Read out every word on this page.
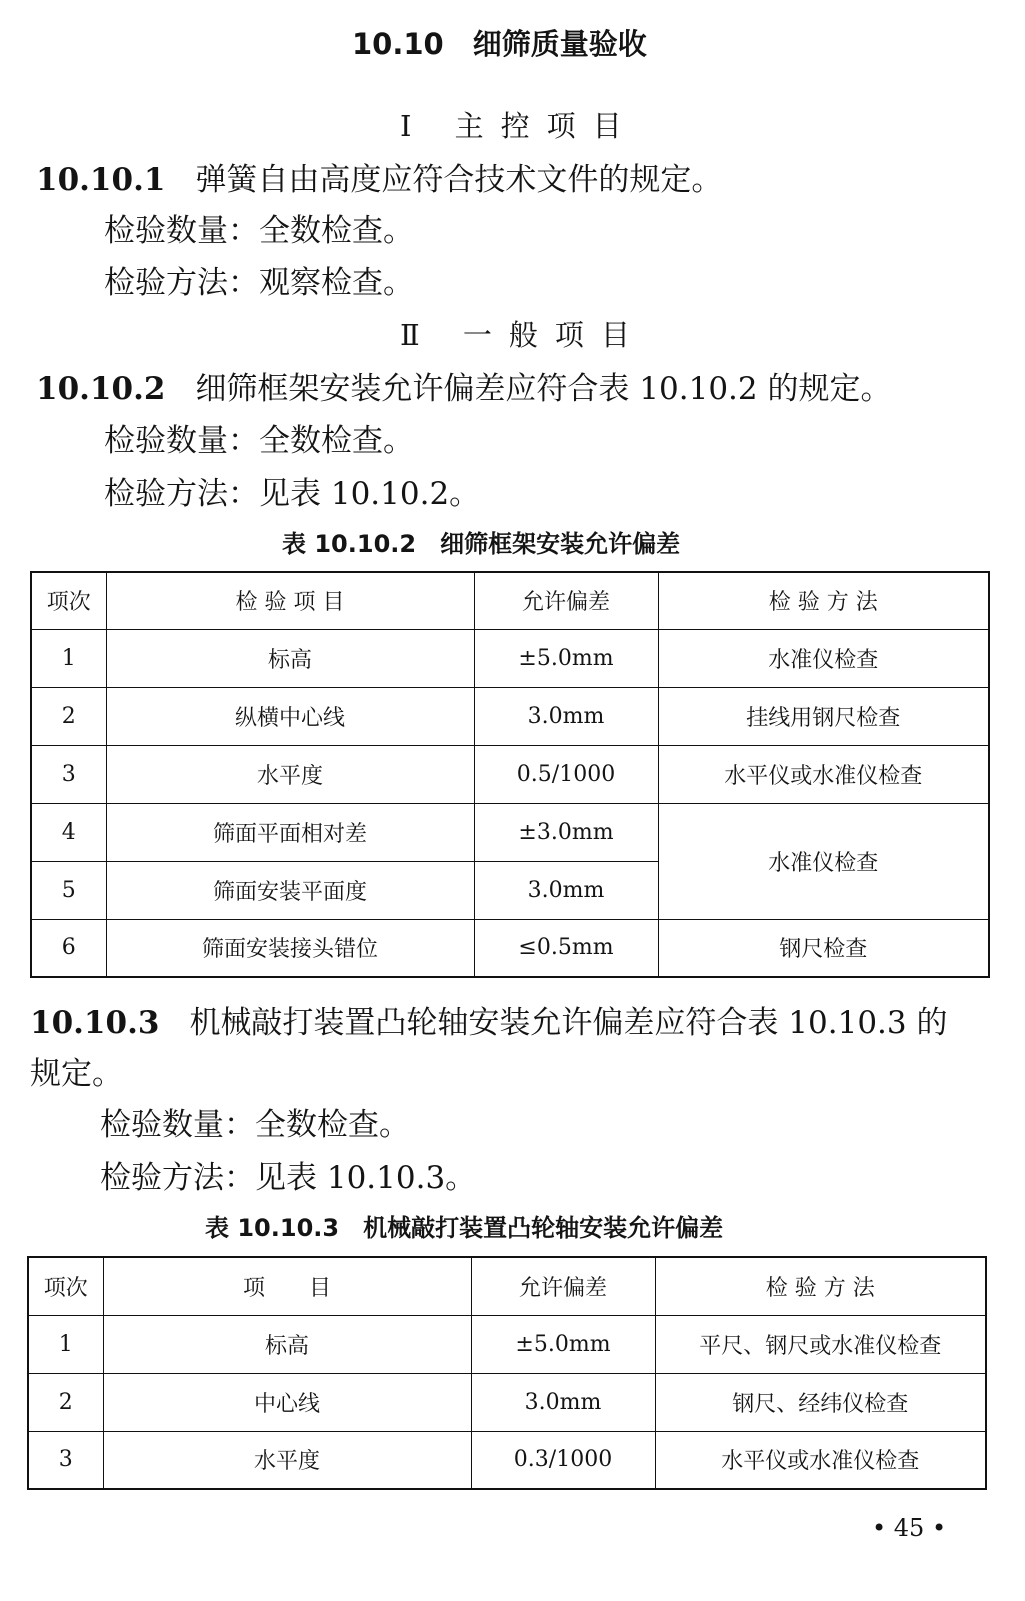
10.10　细筛质量验收
Ⅰ 主控项目
10.10.1 弹簧自由高度应符合技术文件的规定。
检验数量：全数检查。
检验方法：观察检查。
Ⅱ 一般项目
10.10.2 细筛框架安装允许偏差应符合表 10.10.2 的规定。
检验数量：全数检查。
检验方法：见表 10.10.2。
表 10.10.2　细筛框架安装允许偏差
项次	检 验 项 目	允许偏差	检 验 方 法
1	标高	±5.0mm	水准仪检查
2	纵横中心线	3.0mm	挂线用钢尺检查
3	水平度	0.5/1000	水平仪或水准仪检查
4	筛面平面相对差	±3.0mm	水准仪检查
5	筛面安装平面度	3.0mm	
6	筛面安装接头错位	≤0.5mm	钢尺检查
10.10.3 机械敲打装置凸轮轴安装允许偏差应符合表 10.10.3 的
规定。
检验数量：全数检查。
检验方法：见表 10.10.3。
表 10.10.3　机械敲打装置凸轮轴安装允许偏差
项次	项　　目	允许偏差	检 验 方 法
1	标高	±5.0mm	平尺、钢尺或水准仪检查
2	中心线	3.0mm	钢尺、经纬仪检查
3	水平度	0.3/1000	水平仪或水准仪检查
• 45 •
